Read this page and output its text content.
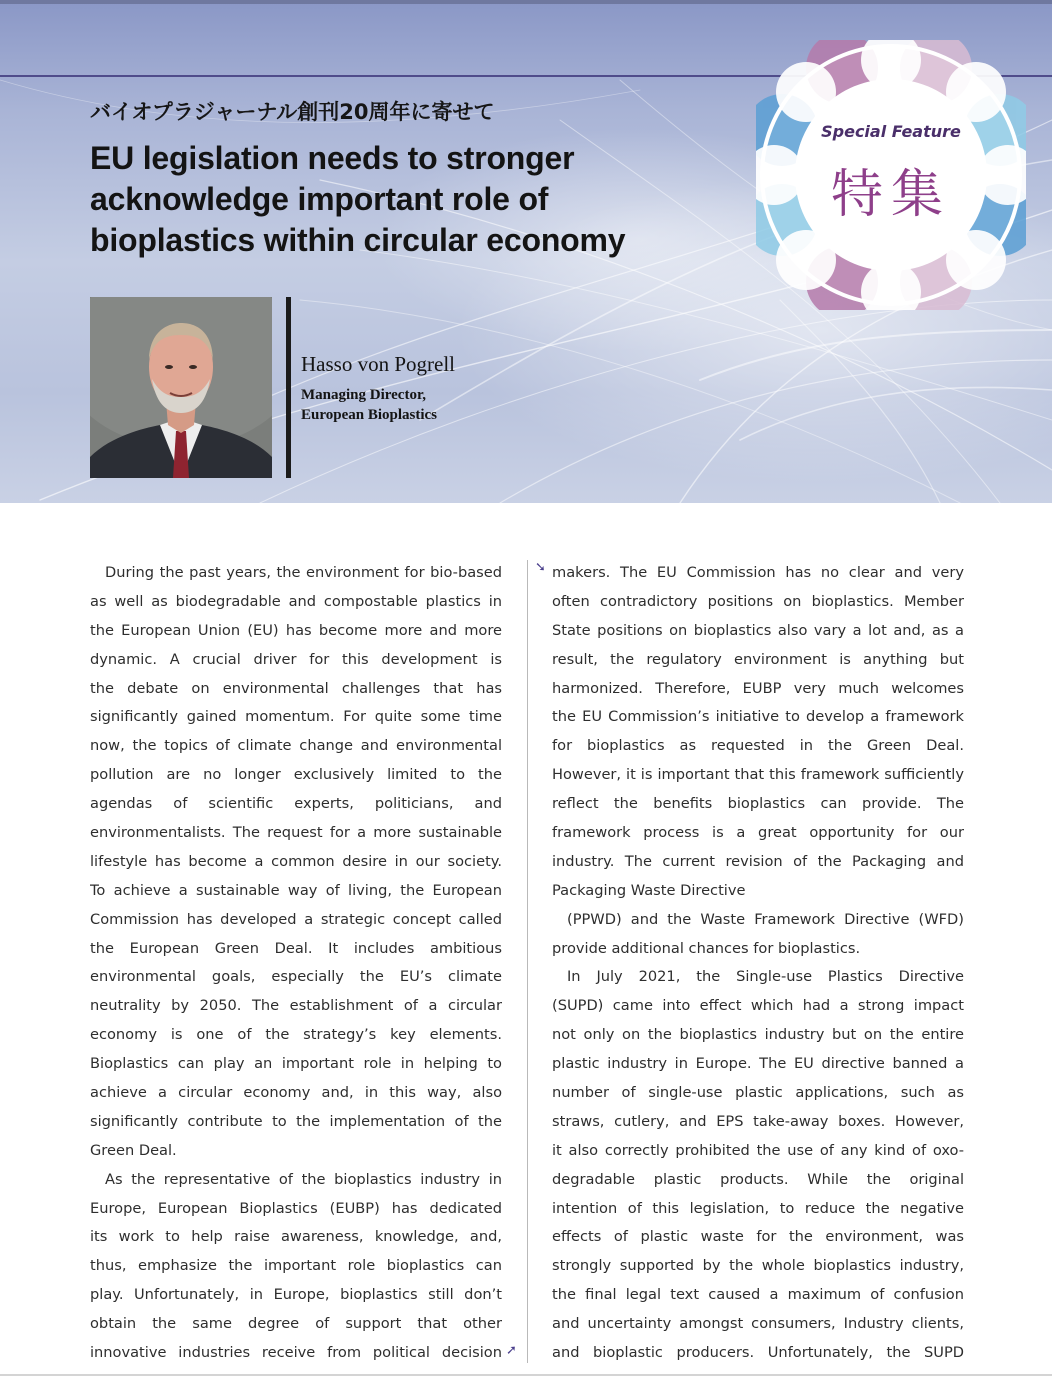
バイオプラジャーナル創刊20周年に寄せて
EU legislation needs to stronger
acknowledge important role of
bioplastics within circular economy
Special Feature
特集

Hasso von Pogrell

Managing Director,
European Bioplastics

During the past years, the environment for bio-based
as well as biodegradable and compostable plastics in
the European Union (EU) has become more and more
dynamic. A crucial driver for this development is
the debate on environmental challenges that has
significantly gained momentum. For quite some time
now, the topics of climate change and environmental
pollution are no longer exclusively limited to the
agendas of scientific experts, politicians, and
environmentalists. The request for a more sustainable
lifestyle has become a common desire in our society.
To achieve a sustainable way of living, the European
Commission has developed a strategic concept called
the European Green Deal. It includes ambitious
environmental goals, especially the EU’s climate
neutrality by 2050. The establishment of a circular
economy is one of the strategy’s key elements.
Bioplastics can play an important role in helping to
achieve a circular economy and, in this way, also
significantly contribute to the implementation of the
Green Deal.
As the representative of the bioplastics industry in
Europe, European Bioplastics (EUBP) has dedicated
its work to help raise awareness, knowledge, and,
thus, emphasize the important role bioplastics can
play. Unfortunately, in Europe, bioplastics still don’t
obtain the same degree of support that other
innovative industries receive from political decision ➚
➘ makers. The EU Commission has no clear and very
often contradictory positions on bioplastics. Member
State positions on bioplastics also vary a lot and, as a
result, the regulatory environment is anything but
harmonized. Therefore, EUBP very much welcomes
the EU Commission’s initiative to develop a framework
for bioplastics as requested in the Green Deal.
However, it is important that this framework sufficiently
reflect the benefits bioplastics can provide. The
framework process is a great opportunity for our
industry. The current revision of the Packaging and
Packaging Waste Directive
(PPWD) and the Waste Framework Directive (WFD)
provide additional chances for bioplastics.
In July 2021, the Single-use Plastics Directive
(SUPD) came into effect which had a strong impact
not only on the bioplastics industry but on the entire
plastic industry in Europe. The EU directive banned a
number of single-use plastic applications, such as
straws, cutlery, and EPS take-away boxes. However,
it also correctly prohibited the use of any kind of oxo-
degradable plastic products. While the original
intention of this legislation, to reduce the negative
effects of plastic waste for the environment, was
strongly supported by the whole bioplastics industry,
the final legal text caused a maximum of confusion
and uncertainty amongst consumers, Industry clients,
and bioplastic producers. Unfortunately, the SUPD
